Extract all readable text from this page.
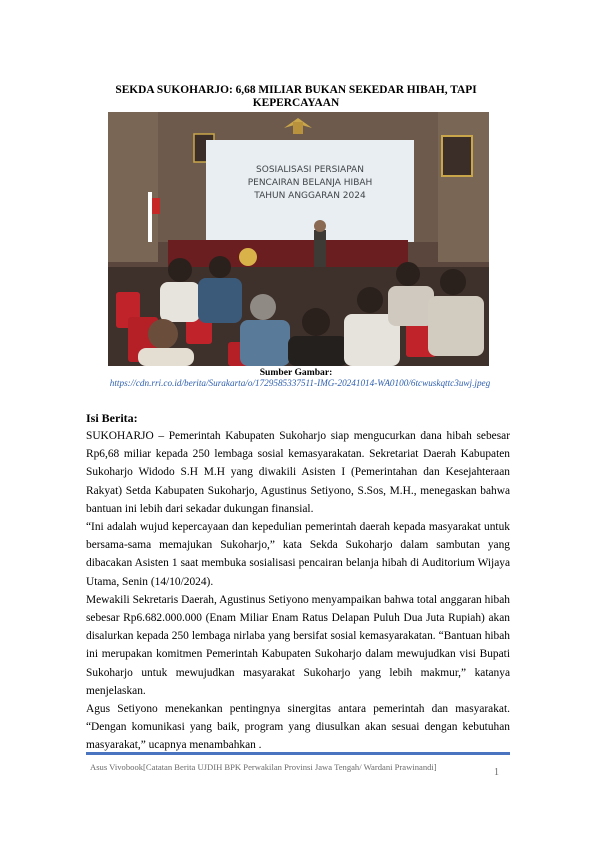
SEKDA SUKOHARJO: 6,68 MILIAR BUKAN SEKEDAR HIBAH, TAPI KEPERCAYAAN
SOSIALISASI PERSIAPAN
PENCAIRAN BELANJA HIBAH
TAHUN ANGGARAN 2024
Sumber Gambar:
https://cdn.rri.co.id/berita/Surakarta/o/1729585337511-IMG-20241014-WA0100/6tcwuskqttc3uwj.jpeg
Isi Berita:

SUKOHARJO – Pemerintah Kabupaten Sukoharjo siap mengucurkan dana hibah sebesar Rp6,68 miliar kepada 250 lembaga sosial kemasyarakatan. Sekretariat Daerah Kabupaten Sukoharjo Widodo S.H M.H yang diwakili Asisten I (Pemerintahan dan Kesejahteraan Rakyat) Setda Kabupaten Sukoharjo, Agustinus Setiyono, S.Sos, M.H., menegaskan bahwa bantuan ini lebih dari sekadar dukungan finansial.

“Ini adalah wujud kepercayaan dan kepedulian pemerintah daerah kepada masyarakat untuk bersama-sama memajukan Sukoharjo,” kata Sekda Sukoharjo dalam sambutan yang dibacakan Asisten 1 saat membuka sosialisasi pencairan belanja hibah di Auditorium Wijaya Utama, Senin (14/10/2024).

Mewakili Sekretaris Daerah, Agustinus Setiyono menyampaikan bahwa total anggaran hibah sebesar Rp6.682.000.000 (Enam Miliar Enam Ratus Delapan Puluh Dua Juta Rupiah) akan disalurkan kepada 250 lembaga nirlaba yang bersifat sosial kemasyarakatan. “Bantuan hibah ini merupakan komitmen Pemerintah Kabupaten Sukoharjo dalam mewujudkan visi Bupati Sukoharjo untuk mewujudkan masyarakat Sukoharjo yang lebih makmur,” katanya menjelaskan.

Agus Setiyono menekankan pentingnya sinergitas antara pemerintah dan masyarakat. “Dengan komunikasi yang baik, program yang diusulkan akan sesuai dengan kebutuhan masyarakat,” ucapnya menambahkan .

Asus Vivobook[Catatan Berita UJDIH BPK Perwakilan Provinsi Jawa Tengah/ Wardani Prawinandi]	1
